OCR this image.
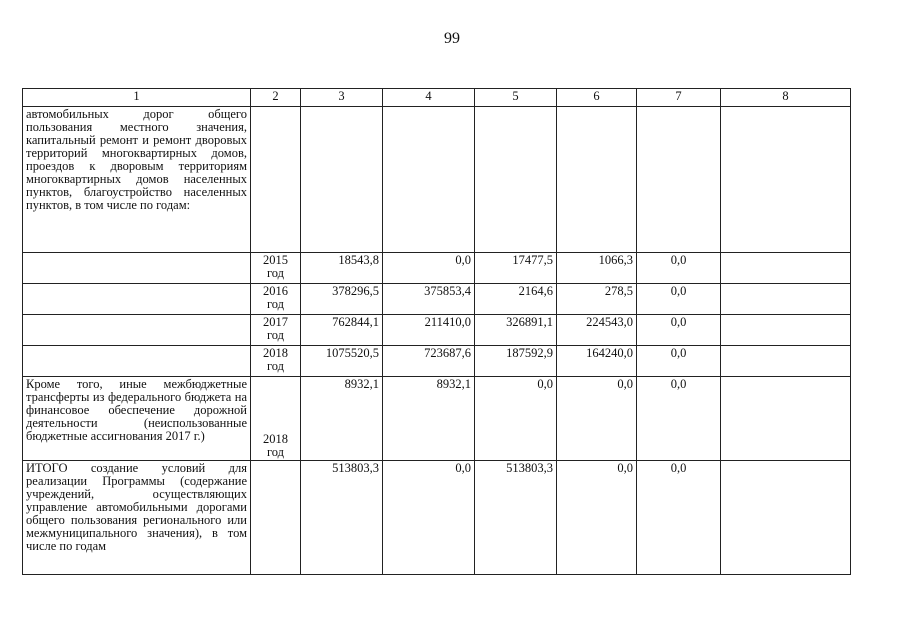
99
1	2	3	4	5	6	7	8
автомобильных дорог общего пользования местного значения, капитальный ремонт и ремонт дворовых территорий многоквартирных домов, проездов к дворовым территориям многоквартирных домов населенных пунктов, благоустройство населенных пунктов, в том числе по годам:							
	2015 год	18543,8	0,0	17477,5	1066,3	0,0	
	2016 год	378296,5	375853,4	2164,6	278,5	0,0	
	2017 год	762844,1	211410,0	326891,1	224543,0	0,0	
	2018 год	1075520,5	723687,6	187592,9	164240,0	0,0	
Кроме того, иные межбюджетные трансферты из федерального бюджета на финансовое обеспечение дорожной деятельности (неиспользованные бюджетные ассигнования 2017 г.)	2018 год	8932,1	8932,1	0,0	0,0	0,0	
ИТОГО создание условий для реализации Программы (содержание учреждений, осуществляющих управление автомобильными дорогами общего пользования регионального или межмуниципального значения), в том числе по годам		513803,3	0,0	513803,3	0,0	0,0	
